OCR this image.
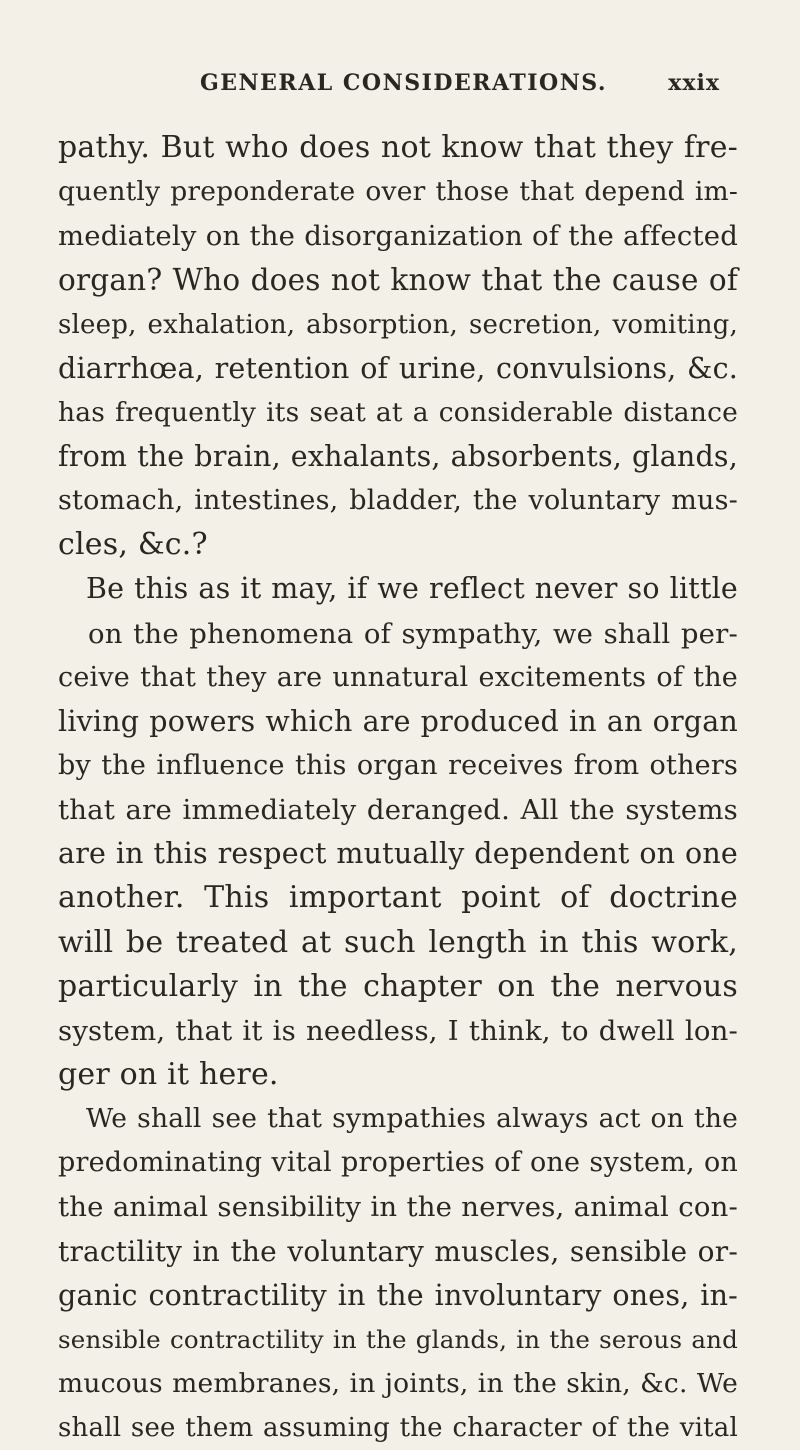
GENERAL CONSIDERATIONS.	xxix
pathy. But who does not know that they fre-
quently preponderate over those that depend im-
mediately on the disorganization of the affected
organ? Who does not know that the cause of
sleep, exhalation, absorption, secretion, vomiting,
diarrhœa, retention of urine, convulsions, &c.
has frequently its seat at a considerable distance
from the brain, exhalants, absorbents, glands,
stomach, intestines, bladder, the voluntary mus-
cles, &c.?
Be this as it may, if we reflect never so little
on the phenomena of sympathy, we shall per-
ceive that they are unnatural excitements of the
living powers which are produced in an organ
by the influence this organ receives from others
that are immediately deranged. All the systems
are in this respect mutually dependent on one
another. This important point of doctrine
will be treated at such length in this work,
particularly in the chapter on the nervous
system, that it is needless, I think, to dwell lon-
ger on it here.
We shall see that sympathies always act on the
predominating vital properties of one system, on
the animal sensibility in the nerves, animal con-
tractility in the voluntary muscles, sensible or-
ganic contractility in the involuntary ones, in-
sensible contractility in the glands, in the serous and
mucous membranes, in joints, in the skin, &c. We
shall see them assuming the character of the vital
